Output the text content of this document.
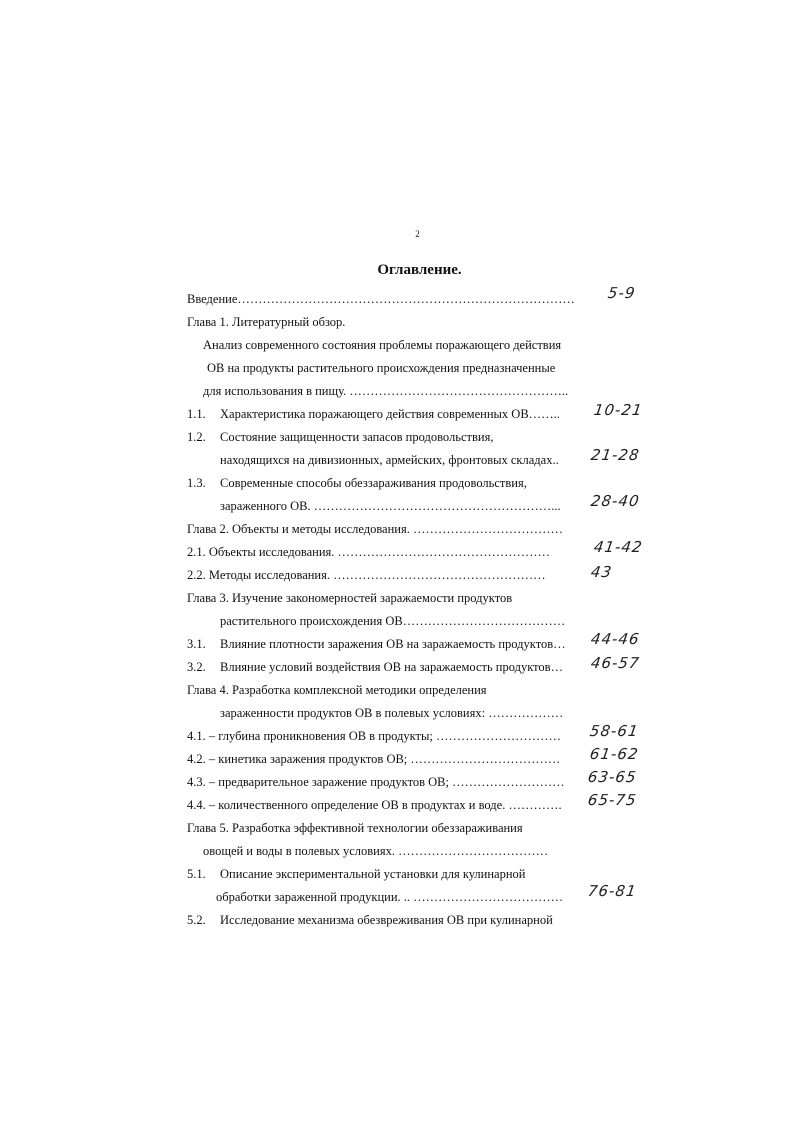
2
Оглавление.
Введение………………………………………………………………………	5-9
Глава 1. Литературный обзор.
Анализ современного состояния проблемы поражающего действия
ОВ на продукты растительного происхождения предназначенные
для использования в пищу. ……………………………………………..
1.1. Характеристика поражающего действия современных ОВ……..	10-21
1.2. Состояние защищенности запасов продовольствия,
находящихся на дивизионных, армейских, фронтовых складах..	21-28
1.3. Современные способы обеззараживания продовольствия,
зараженного ОВ. …………………………………………………...	28-40
Глава 2. Объекты и методы исследования. ………………………………
2.1. Объекты исследования. ……………………………………………	41-42
2.2. Методы исследования. ……………………………………………	43
Глава 3. Изучение закономерностей заражаемости продуктов
растительного происхождения ОВ…………………………………
3.1. Влияние плотности заражения ОВ на заражаемость продуктов…	44-46
3.2. Влияние условий воздействия ОВ на заражаемость продуктов…	46-57
Глава 4. Разработка комплексной методики определения
зараженности продуктов ОВ в полевых условиях: ………………
4.1. – глубина проникновения ОВ в продукты; …………………………	58-61
4.2. – кинетика заражения продуктов ОВ; ………………………………	61-62
4.3. – предварительное заражение продуктов ОВ; ………………………	63-65
4.4. – количественного определение ОВ в продуктах и воде. ………….	65-75
Глава 5. Разработка эффективной технологии обеззараживания
овощей и воды в полевых условиях. ………………………………
5.1. Описание экспериментальной установки для кулинарной
обработки зараженной продукции. .. ………………………………	76-81
5.2. Исследование механизма обезвреживания ОВ при кулинарной
